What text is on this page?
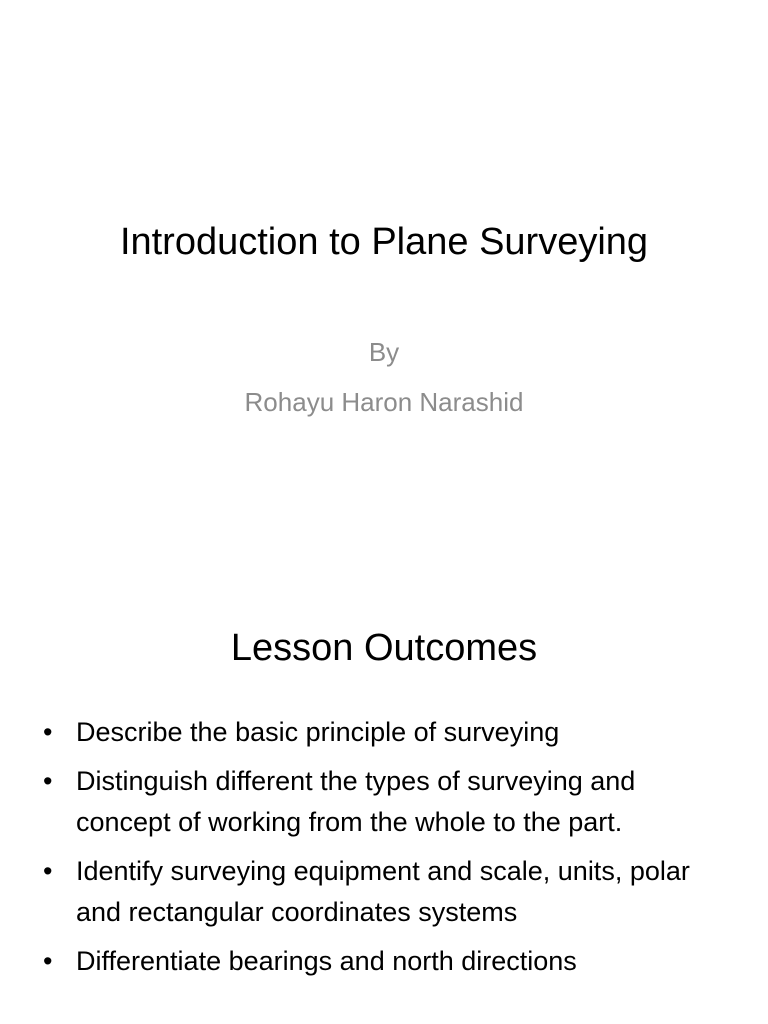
Introduction to Plane Surveying
By
Rohayu Haron Narashid
Lesson Outcomes
• Describe the basic principle of surveying
• Distinguish different the types of surveying and concept of working from the whole to the part.
• Identify surveying equipment and scale, units, polar and rectangular coordinates systems
• Differentiate bearings and north directions
